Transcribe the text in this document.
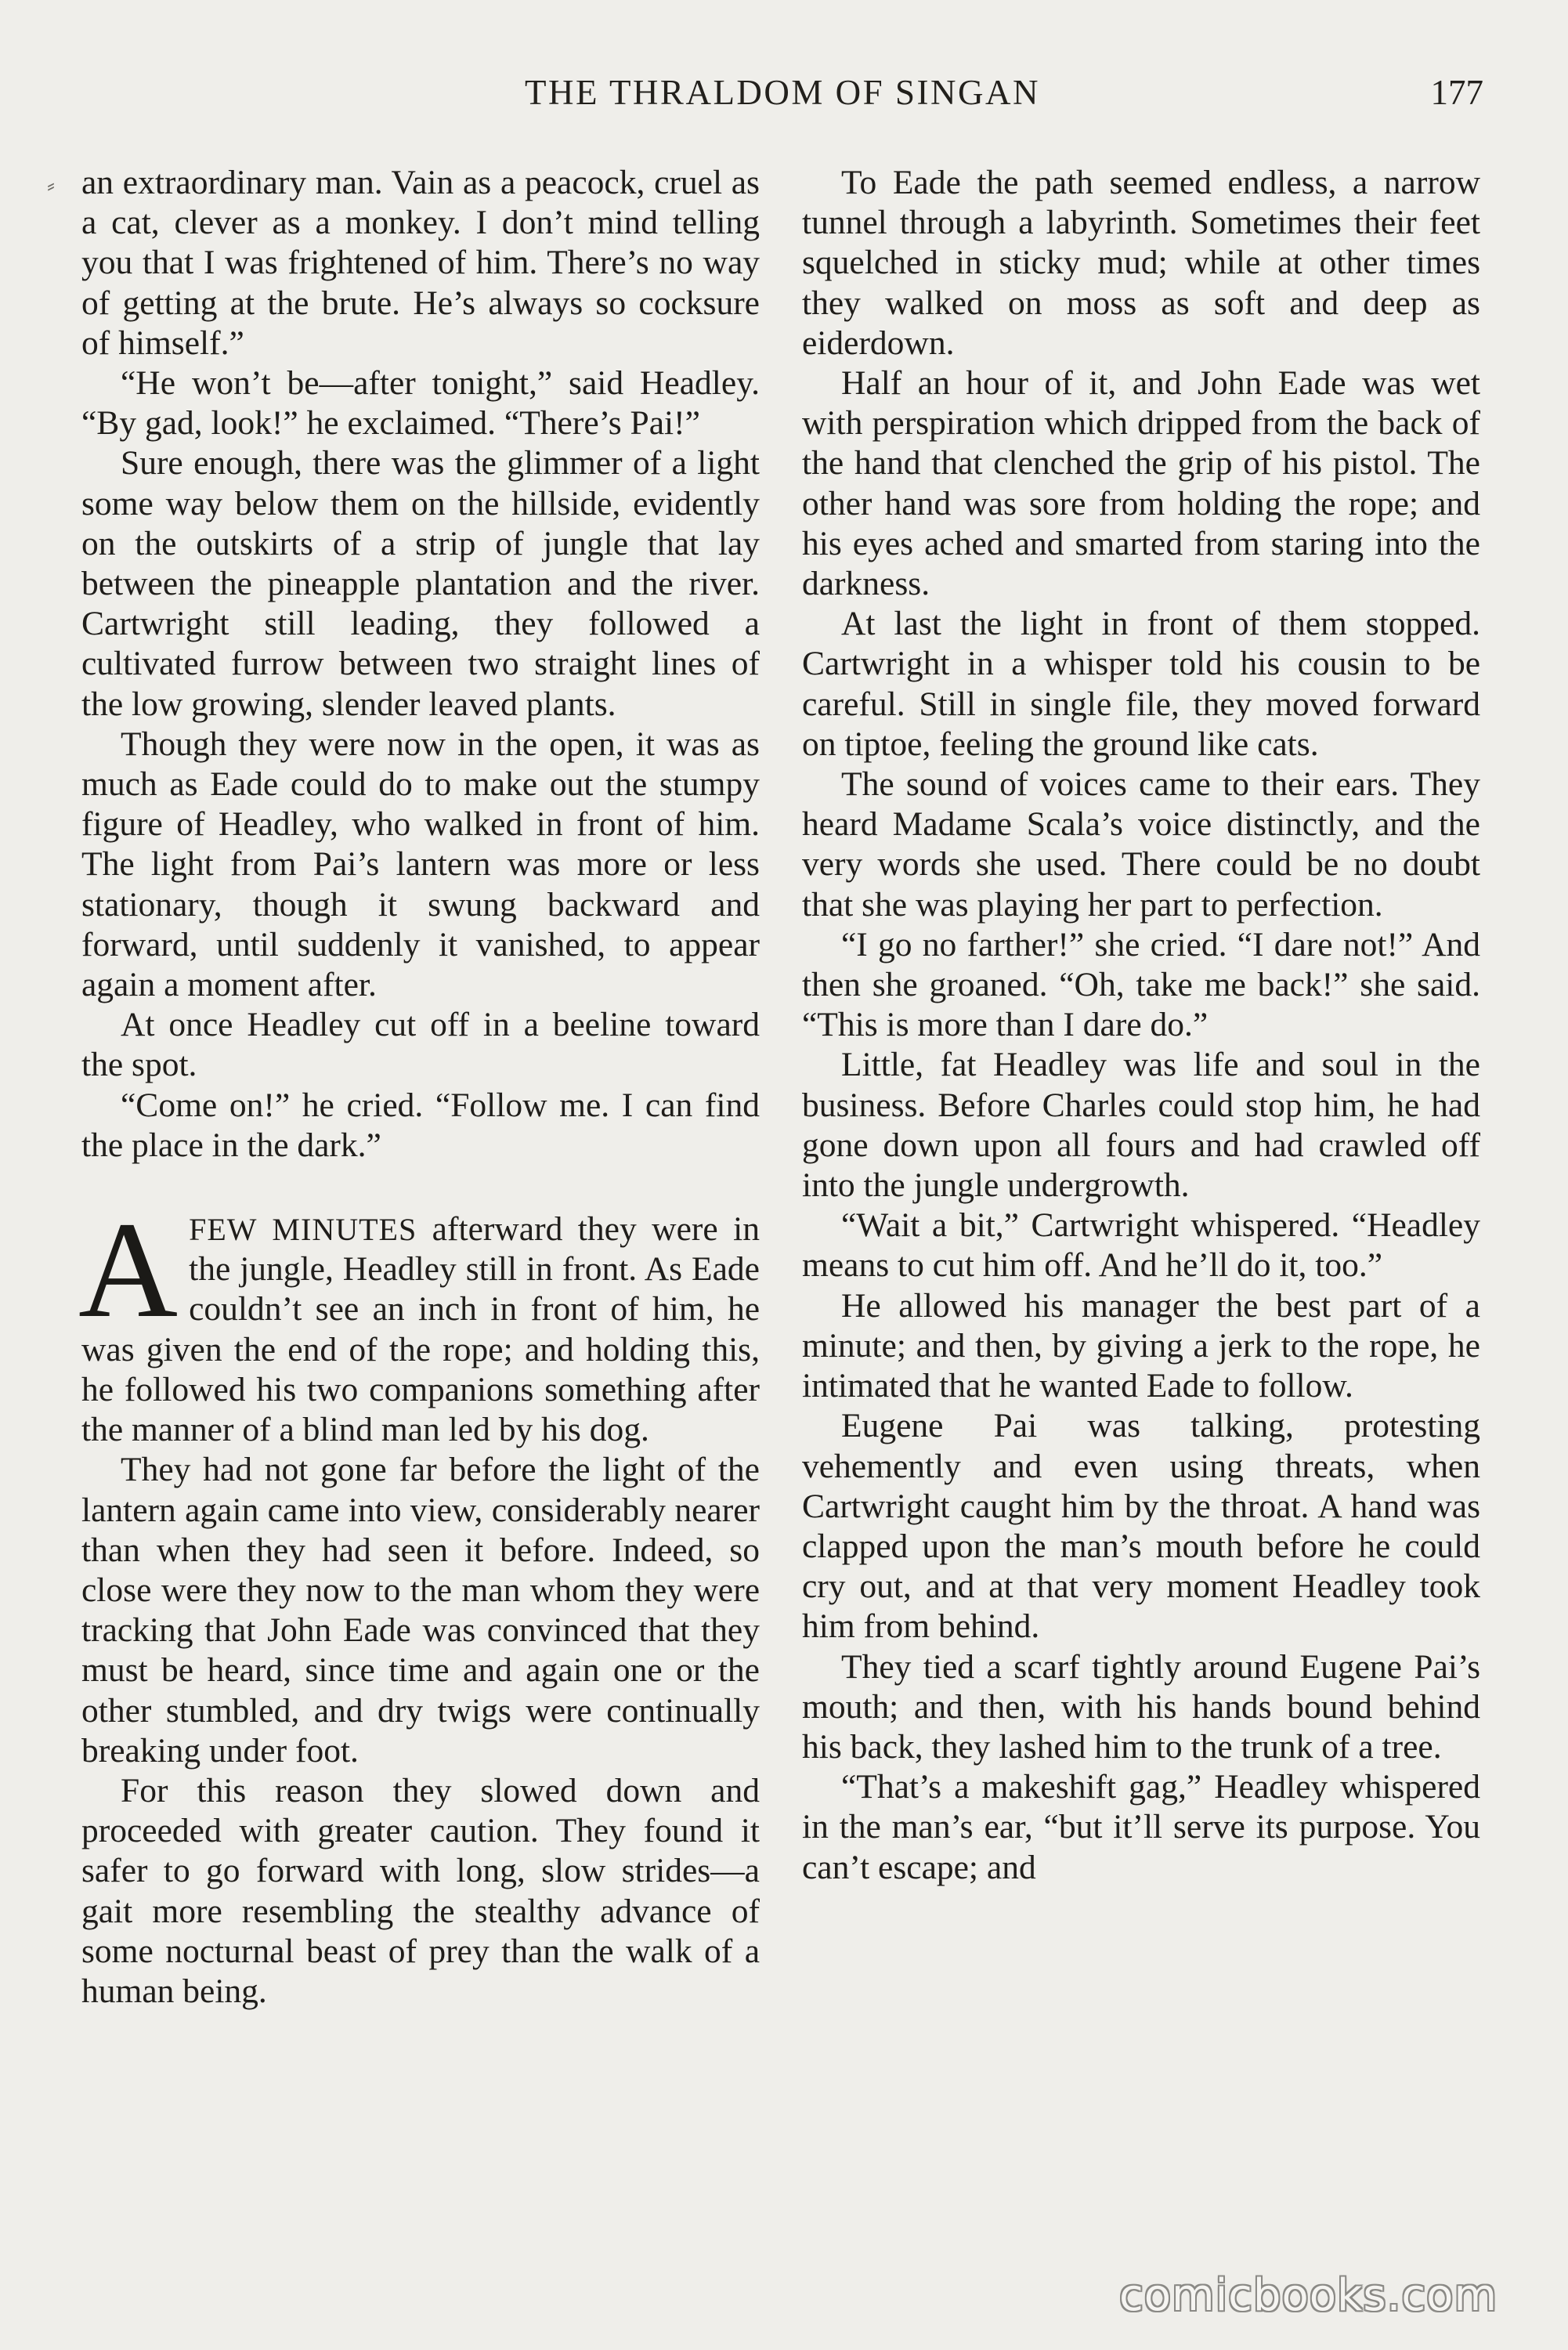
THE THRALDOM OF SINGAN	177
⸗ an extraordinary man. Vain as a peacock, cruel as a cat, clever as a monkey. I don’t mind telling you that I was frightened of him. There’s no way of getting at the brute. He’s always so cocksure of himself.”

“He won’t be—after tonight,” said Headley. “By gad, look!” he exclaimed. “There’s Pai!”

Sure enough, there was the glimmer of a light some way below them on the hillside, evidently on the outskirts of a strip of jungle that lay between the pineapple plantation and the river. Cartwright still leading, they followed a cultivated furrow between two straight lines of the low growing, slender leaved plants.

Though they were now in the open, it was as much as Eade could do to make out the stumpy figure of Headley, who walked in front of him. The light from Pai’s lantern was more or less stationary, though it swung backward and forward, until suddenly it vanished, to appear again a moment after.

At once Headley cut off in a beeline toward the spot.

“Come on!” he cried. “Follow me. I can find the place in the dark.”

AFEW MINUTES afterward they were in the jungle, Headley still in front. As Eade couldn’t see an inch in front of him, he was given the end of the rope; and holding this, he followed his two companions something after the manner of a blind man led by his dog.

They had not gone far before the light of the lantern again came into view, considerably nearer than when they had seen it before. Indeed, so close were they now to the man whom they were tracking that John Eade was convinced that they must be heard, since time and again one or the other stumbled, and dry twigs were continually breaking under foot.

For this reason they slowed down and proceeded with greater caution. They found it safer to go forward with long, slow strides—a gait more resembling the stealthy advance of some nocturnal beast of prey than the walk of a human being.

To Eade the path seemed endless, a narrow tunnel through a labyrinth. Sometimes their feet squelched in sticky mud; while at other times they walked on moss as soft and deep as eiderdown.

Half an hour of it, and John Eade was wet with perspiration which dripped from the back of the hand that clenched the grip of his pistol. The other hand was sore from holding the rope; and his eyes ached and smarted from staring into the darkness.

At last the light in front of them stopped. Cartwright in a whisper told his cousin to be careful. Still in single file, they moved forward on tiptoe, feeling the ground like cats.

The sound of voices came to their ears. They heard Madame Scala’s voice distinctly, and the very words she used. There could be no doubt that she was playing her part to perfection.

“I go no farther!” she cried. “I dare not!” And then she groaned. “Oh, take me back!” she said. “This is more than I dare do.”

Little, fat Headley was life and soul in the business. Before Charles could stop him, he had gone down upon all fours and had crawled off into the jungle undergrowth.

“Wait a bit,” Cartwright whispered. “Headley means to cut him off. And he’ll do it, too.”

He allowed his manager the best part of a minute; and then, by giving a jerk to the rope, he intimated that he wanted Eade to follow.

Eugene Pai was talking, protesting vehemently and even using threats, when Cartwright caught him by the throat. A hand was clapped upon the man’s mouth before he could cry out, and at that very moment Headley took him from behind.

They tied a scarf tightly around Eugene Pai’s mouth; and then, with his hands bound behind his back, they lashed him to the trunk of a tree.

“That’s a makeshift gag,” Headley whispered in the man’s ear, “but it’ll serve its purpose. You can’t escape; and

comicbooks.com
